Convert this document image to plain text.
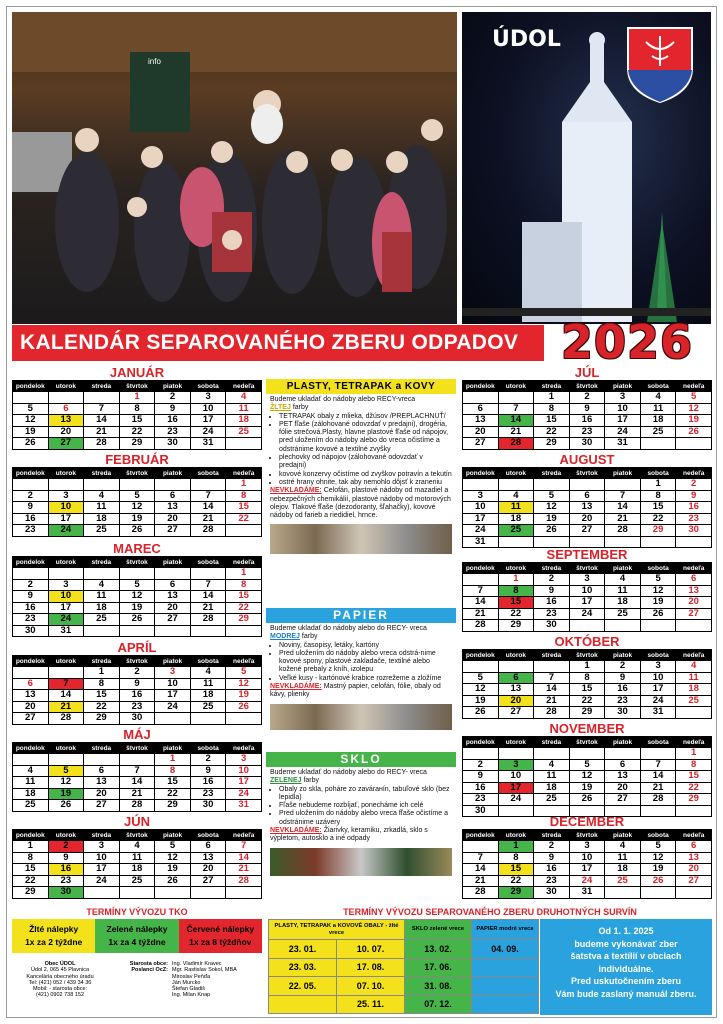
info
ÚDOL
KALENDÁR SEPAROVANÉHO ZBERU ODPADOV 2026
JANUÁR
pondelok	utorok	streda	štvrtok	piatok	sobota	nedeľa
			1	2	3	4
5	6	7	8	9	10	11
12	13	14	15	16	17	18
19	20	21	22	23	24	25
26	27	28	29	30	31	
FEBRUÁR
pondelok	utorok	streda	štvrtok	piatok	sobota	nedeľa
						1
2	3	4	5	6	7	8
9	10	11	12	13	14	15
16	17	18	19	20	21	22
23	24	25	26	27	28	
MAREC
pondelok	utorok	streda	štvrtok	piatok	sobota	nedeľa
						1
2	3	4	5	6	7	8
9	10	11	12	13	14	15
16	17	18	19	20	21	22
23	24	25	26	27	28	29
30	31					
APRÍL
pondelok	utorok	streda	štvrtok	piatok	sobota	nedeľa
		1	2	3	4	5
6	7	8	9	10	11	12
13	14	15	16	17	18	19
20	21	22	23	24	25	26
27	28	29	30			
MÁJ
pondelok	utorok	streda	štvrtok	piatok	sobota	nedeľa
				1	2	3
4	5	6	7	8	9	10
11	12	13	14	15	16	17
18	19	20	21	22	23	24
25	26	27	28	29	30	31
JÚN
pondelok	utorok	streda	štvrtok	piatok	sobota	nedeľa
1	2	3	4	5	6	7
8	9	10	11	12	13	14
15	16	17	18	19	20	21
22	23	24	25	26	27	28
29	30					
JÚL
pondelok	utorok	streda	štvrtok	piatok	sobota	nedeľa
		1	2	3	4	5
6	7	8	9	10	11	12
13	14	15	16	17	18	19
20	21	22	23	24	25	26
27	28	29	30	31		
AUGUST
pondelok	utorok	streda	štvrtok	piatok	sobota	nedeľa
					1	2
3	4	5	6	7	8	9
10	11	12	13	14	15	16
17	18	19	20	21	22	23
24	25	26	27	28	29	30
31						
SEPTEMBER
pondelok	utorok	streda	štvrtok	piatok	sobota	nedeľa
	1	2	3	4	5	6
7	8	9	10	11	12	13
14	15	16	17	18	19	20
21	22	23	24	25	26	27
28	29	30				
OKTÓBER
pondelok	utorok	streda	štvrtok	piatok	sobota	nedeľa
			1	2	3	4
5	6	7	8	9	10	11
12	13	14	15	16	17	18
19	20	21	22	23	24	25
26	27	28	29	30	31	
NOVEMBER
pondelok	utorok	streda	štvrtok	piatok	sobota	nedeľa
						1
2	3	4	5	6	7	8
9	10	11	12	13	14	15
16	17	18	19	20	21	22
23	24	25	26	27	28	29
30						
DECEMBER
pondelok	utorok	streda	štvrtok	piatok	sobota	nedeľa
	1	2	3	4	5	6
7	8	9	10	11	12	13
14	15	16	17	18	19	20
21	22	23	24	25	26	27
28	29	30	31			
PLASTY, TETRAPAK a KOVY
Budeme ukladať do nádoby alebo RECY-vreca
ŽLTEJ farby
• TETRAPAK obaly z mlieka, džúsov /PREPLACHNUŤ/
• PET fľaše (zálohované odovzdať v predajni), drogéria, fólie strečová.Plasty, hlavne plastové fľaše od nápojov, pred uložením do nádoby alebo do vreca očistíme a odstránime kovové a textilné zvyšky
• plechovky od nápojov (zálohované odovzdať v predajni)
• kovové konzervy očistíme od zvyškov potravín a tekutín
• ostré hrany ohnite, tak aby nemohlo dôjsť k zraneniu
NEVKLADÁME: Celofán, plastové nádoby od mazadiel a nebezpečných chemikálií, plastové nádoby od motorových olejov. Tlakové fľaše (dezodoranty, šľahačky), kovové nádoby od farieb a riedidiel, hrnce.
PAPIER
Budeme ukladať do nádoby alebo do RECY- vreca
MODREJ farby
• Noviny, časopisy, letáky, kartóny
• Pred uložením do nádoby alebo vreca odstrá-nime kovové spony, plastové zakladače, textilné alebo kožené prebaly z kníh, izolepu
• Veľké kusy - kartónové krabice rozrežeme a zložíme
NEVKLADÁME: Mastný papier, celofán, fólie, obaly od kávy, plienky
SKLO
Budeme ukladať do nádoby alebo do RECY- vreca
ZELENEJ farby
• Obaly zo skla, poháre zo zavárанín, tabuľové sklo (bez lepidla)
• Fľaše nebudeme rozbíjať, ponecháme ich celé
• Pred uložením do nádoby alebo vreca fľaše očistíme a odstránime uzávery
NEVKLADÁME: Žiarivky, keramiku, zrkadlá, sklo s výpletom, autosklo a iné odpady
TERMÍNY VÝVOZU TKO
Žlté nálepky
1x za 2 týždne
Zelené nálepky
1x za 4 týždne
Červené nálepky
1x za 8 týždňov
Obec ÚDOL
Údol 2, 065 45 Plavnica
Kancelária obecného úradu
Tel: (421) 052 / 439 34 36
Mobil: - starosta obce:
(421) 0902 738 152
Starosta obce:
Poslanci OcZ:
Ing. Vladimír Kravec
Mgr. Rastislav Sokol, MBA
Miroslav Peňďa
Ján Murcko
Štefan Gladiš
Ing. Milan Knap
TERMÍNY VÝVOZU SEPAROVANÉHO ZBERU DRUHOTNÝCH SURVÍN
PLASTY, TETRAPAK a KOVOVÉ OBALY - žlté vrece		SKLO zelené vrece	PAPIER modré vrece
23. 01.	10. 07.	13. 02.	04. 09.
23. 03.	17. 08.	17. 06.	
22. 05.	07. 10.	31. 08.	
	25. 11.	07. 12.	
Od 1. 1. 2025
budeme vykonávať zber
šatstva a textílií v obciach
individuálne.
Pred uskutočnením zberu
Vám bude zaslaný manuál zberu.
